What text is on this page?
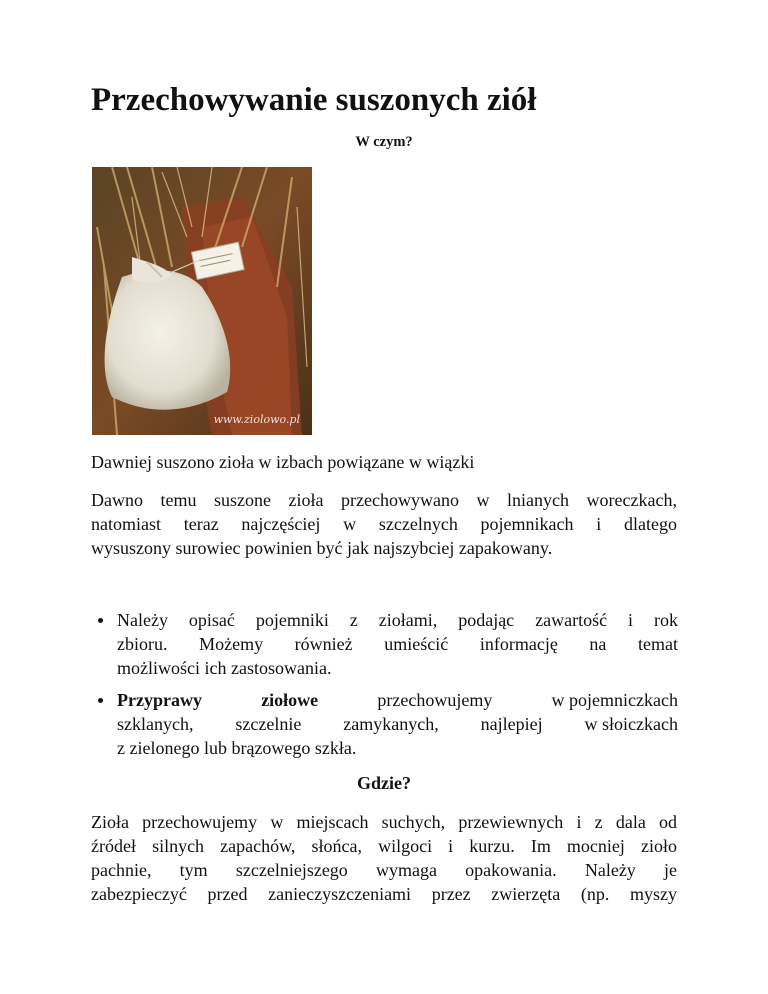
Przechowywanie suszonych ziół

W czym?

www.ziolowo.pl

Dawniej suszono zioła w izbach powiązane w wiązki

Dawno temu suszone zioła przechowywano w lnianych woreczkach,
natomiast teraz najczęściej w szczelnych pojemnikach i dlatego
wysuszony surowiec powinien być jak najszybciej zapakowany.

Należy opisać pojemniki z ziołami, podając zawartość i rok
zbioru. Możemy również umieścić informację na temat
możliwości ich zastosowania.
Przyprawy	ziołowe	przechowujemy	w pojemniczkach
szklanych, szczelnie zamykanych, najlepiej w słoiczkach
z zielonego lub brązowego szkła.

Gdzie?

Zioła przechowujemy w miejscach suchych, przewiewnych i z dala od
źródeł silnych zapachów, słońca, wilgoci i kurzu. Im mocniej zioło
pachnie, tym szczelniejszego wymaga opakowania. Należy je
zabezpieczyć przed zanieczyszczeniami przez zwierzęta (np. myszy
